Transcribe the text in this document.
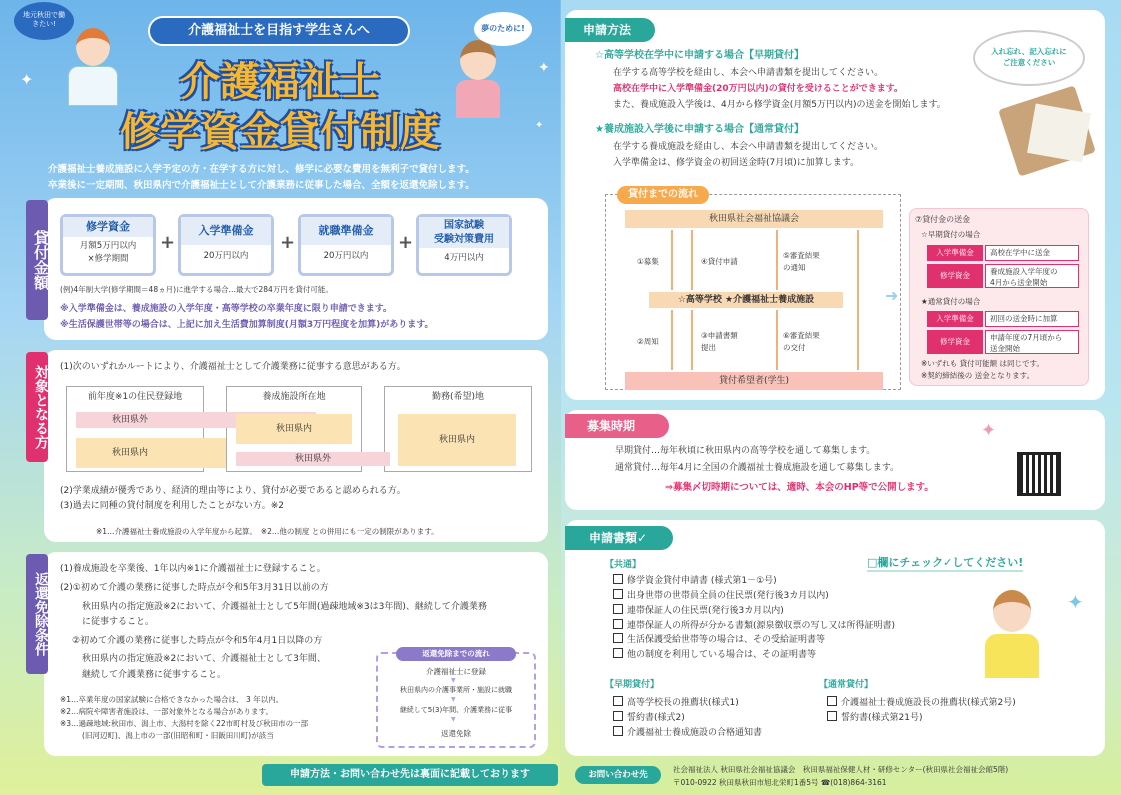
✦
✦
✦
介護福祉士を目指す学生さんへ
地元秋田で働きたい!	夢のために!
介護福祉士
修学資金貸付制度
介護福祉士養成施設に入学予定の方・在学する方に対し、修学に必要な費用を無利子で貸付します。
卒業後に一定期間、秋田県内で介護福祉士として介護業務に従事した場合、全額を返還免除します。
貸付金額
修学資金
月額5万円以内
×修学期間
+
入学準備金
20万円以内
+
就職準備金
20万円以内
+
国家試験
受験対策費用
4万円以内
(例)4年制大学(修学期間＝48ヵ月)に進学する場合…最大で284万円を貸付可能。
※入学準備金は、養成施設の入学年度・高等学校の卒業年度に限り申請できます。
※生活保護世帯等の場合は、上記に加え生活費加算制度(月額3万円程度を加算)があります。
対象となる方 (1)次のいずれかルートにより、介護福祉士として介護業務に従事する意思がある方。
前年度※1の住民登録地	養成施設所在地	勤務(希望)地
秋田県外
秋田県内
秋田県内
秋田県外
秋田県内
(2)学業成績が優秀であり、経済的理由等により、貸付が必要であると認められる方。
(3)過去に同種の貸付制度を利用したことがない方。※2
※1…介護福祉士養成施設の入学年度から起算。　※2…他の制度 との併用にも一定の制限があります。
返還免除条件
(1)養成施設を卒業後、1年以内※1に介護福祉士に登録すること。
(2)①初めて介護の業務に従事した時点が令和5年3月31日以前の方
秋田県内の指定施設※2において、介護福祉士として5年間(過疎地域※3は3年間)、継続して介護業務
に従事すること。
②初めて介護の業務に従事した時点が令和5年4月1日以降の方
秋田県内の指定施設※2において、介護福祉士として3年間、
継続して介護業務に従事すること。
返還免除までの流れ
介護福祉士に登録
▼
秋田県内の介護事業所・施設に就職
▼
継続して5(3)年間、介護業務に従事
▼
返還免除
※1…卒業年度の国家試験に合格できなかった場合は、 3 年以内。
※2…病院や障害者施設は、一部対象外となる場合があります。
※3…過疎地域:秋田市、潟上市、大潟村を除く22市町村及び秋田市の一部
(旧河辺町)、潟上市の一部(旧昭和町・旧飯田川町)が該当
申請方法・お問い合わせ先は裏面に記載しております
申請方法
☆高等学校在学中に申請する場合【早期貸付】
在学する高等学校を経由し、本会へ申請書類を提出してください。
高校在学中に入学準備金(20万円以内)の貸付を受けることができます。
また、養成施設入学後は、4月から修学資金(月額5万円以内)の送金を開始します。
★養成施設入学後に申請する場合【通常貸付】
在学する養成施設を経由し、本会へ申請書類を提出してください。
入学準備金は、修学資金の初回送金時(7月頃)に加算します。
入れ忘れ、記入忘れに
ご注意ください
貸付までの流れ
秋田県社会福祉協議会
☆高等学校 ★介護福祉士養成施設
貸付希望者(学生)
①募集	④貸付申請
⑤審査結果
の通知
②周知
③申請書類
提出
⑥審査結果
の交付
➜
⑦貸付金の送金
☆早期貸付の場合
入学準備金	高校在学中に送金
修学資金	養成施設入学年度の
4月から送金開始
★通常貸付の場合
入学準備金	初回の送金時に加算
修学資金	申請年度の7月頃から
送金開始
※いずれも 貸付可能額 は同じです。
※契約締結後の 送金となります。
募集時期
早期貸付…毎年秋頃に秋田県内の高等学校を通して募集します。
通常貸付…毎年4月に全国の介護福祉士養成施設を通して募集します。
⇒募集〆切時期については、適時、本会のHP等で公開します。
申請書類✓
□欄にチェック✓してください!
【共通】
修学資金貸付申請書 (様式第1－①号)
出身世帯の世帯員全員の住民票(発行後3カ月以内)
連帯保証人の住民票(発行後3カ月以内)
連帯保証人の所得が分かる書類(源泉徴収票の写し又は所得証明書)
生活保護受給世帯等の場合は、その受給証明書等
他の制度を利用している場合は、その証明書等
【早期貸付】
高等学校長の推薦状(様式1)
誓約書(様式2)
介護福祉士養成施設の合格通知書
【通常貸付】
介護福祉士養成施設長の推薦状(様式第2号)
誓約書(様式第21号)
お問い合わせ先
社会福祉法人 秋田県社会福祉協議会　秋田県福祉保健人材・研修センター(秋田県社会福祉会館5階)
〒010-0922 秋田県秋田市旭北栄町1番5号 ☎(018)864-3161
✦
✦
